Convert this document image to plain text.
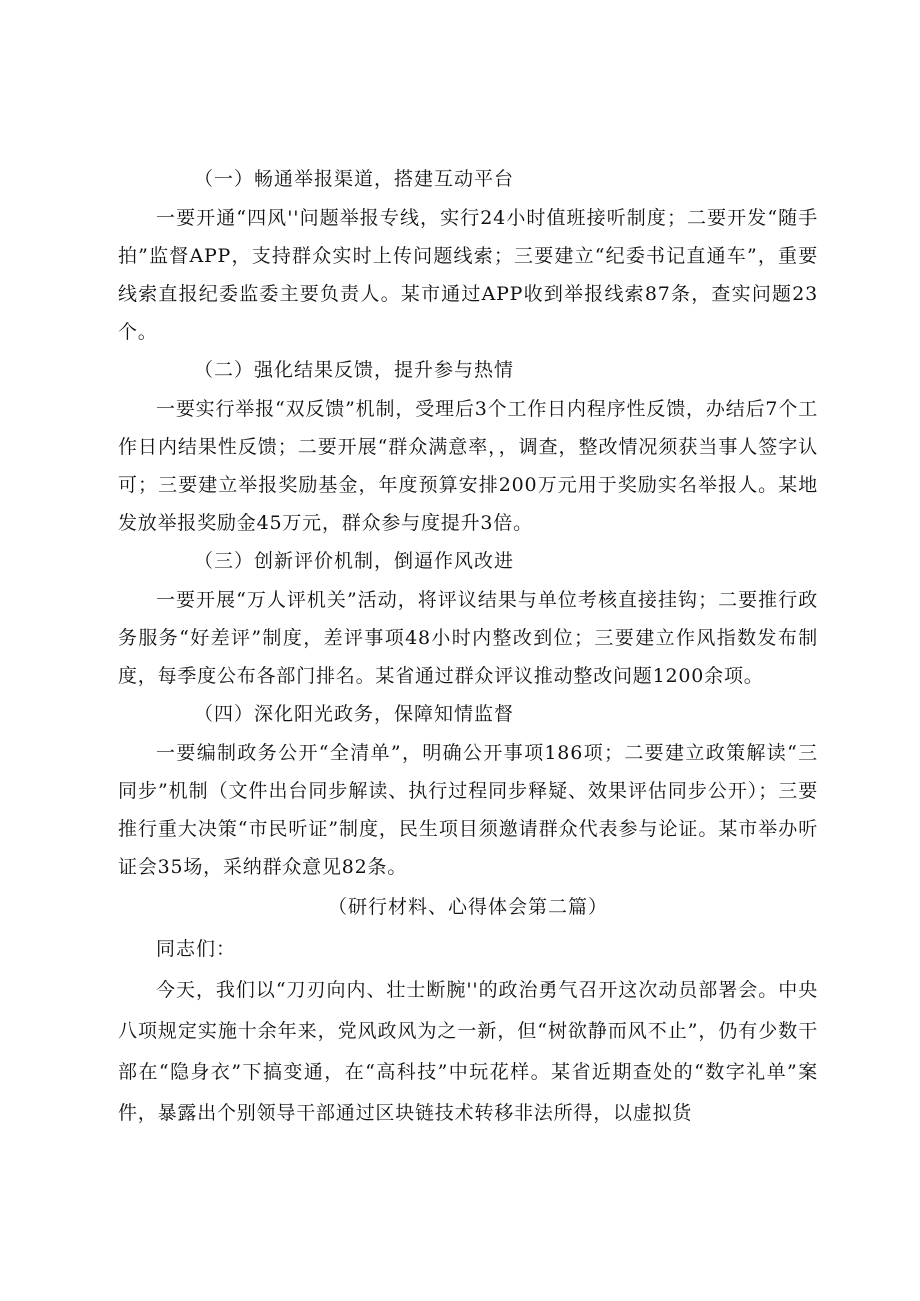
（一）畅通举报渠道，搭建互动平台

一要开通“四风''问题举报专线，实行24小时值班接听制度；二要开发“随手拍”监督APP，支持群众实时上传问题线索；三要建立“纪委书记直通车”，重要线索直报纪委监委主要负责人。某市通过APP收到举报线索87条，查实问题23个。

（二）强化结果反馈，提升参与热情

一要实行举报“双反馈”机制，受理后3个工作日内程序性反馈，办结后7个工作日内结果性反馈；二要开展“群众满意率，，调查，整改情况须获当事人签字认可；三要建立举报奖励基金，年度预算安排200万元用于奖励实名举报人。某地发放举报奖励金45万元，群众参与度提升3倍。

（三）创新评价机制，倒逼作风改进

一要开展“万人评机关”活动，将评议结果与单位考核直接挂钩；二要推行政务服务“好差评”制度，差评事项48小时内整改到位；三要建立作风指数发布制度，每季度公布各部门排名。某省通过群众评议推动整改问题1200余项。

（四）深化阳光政务，保障知情监督

一要编制政务公开“全清单”，明确公开事项186项；二要建立政策解读“三同步”机制（文件出台同步解读、执行过程同步释疑、效果评估同步公开）；三要推行重大决策“市民听证”制度，民生项目须邀请群众代表参与论证。某市举办听证会35场，采纳群众意见82条。

（研行材料、心得体会第二篇）

同志们：

今天，我们以“刀刃向内、壮士断腕''的政治勇气召开这次动员部署会。中央八项规定实施十余年来，党风政风为之一新，但“树欲静而风不止”，仍有少数干部在“隐身衣”下搞变通，在“高科技”中玩花样。某省近期查处的“数字礼单”案件，暴露出个别领导干部通过区块链技术转移非法所得，以虚拟货
